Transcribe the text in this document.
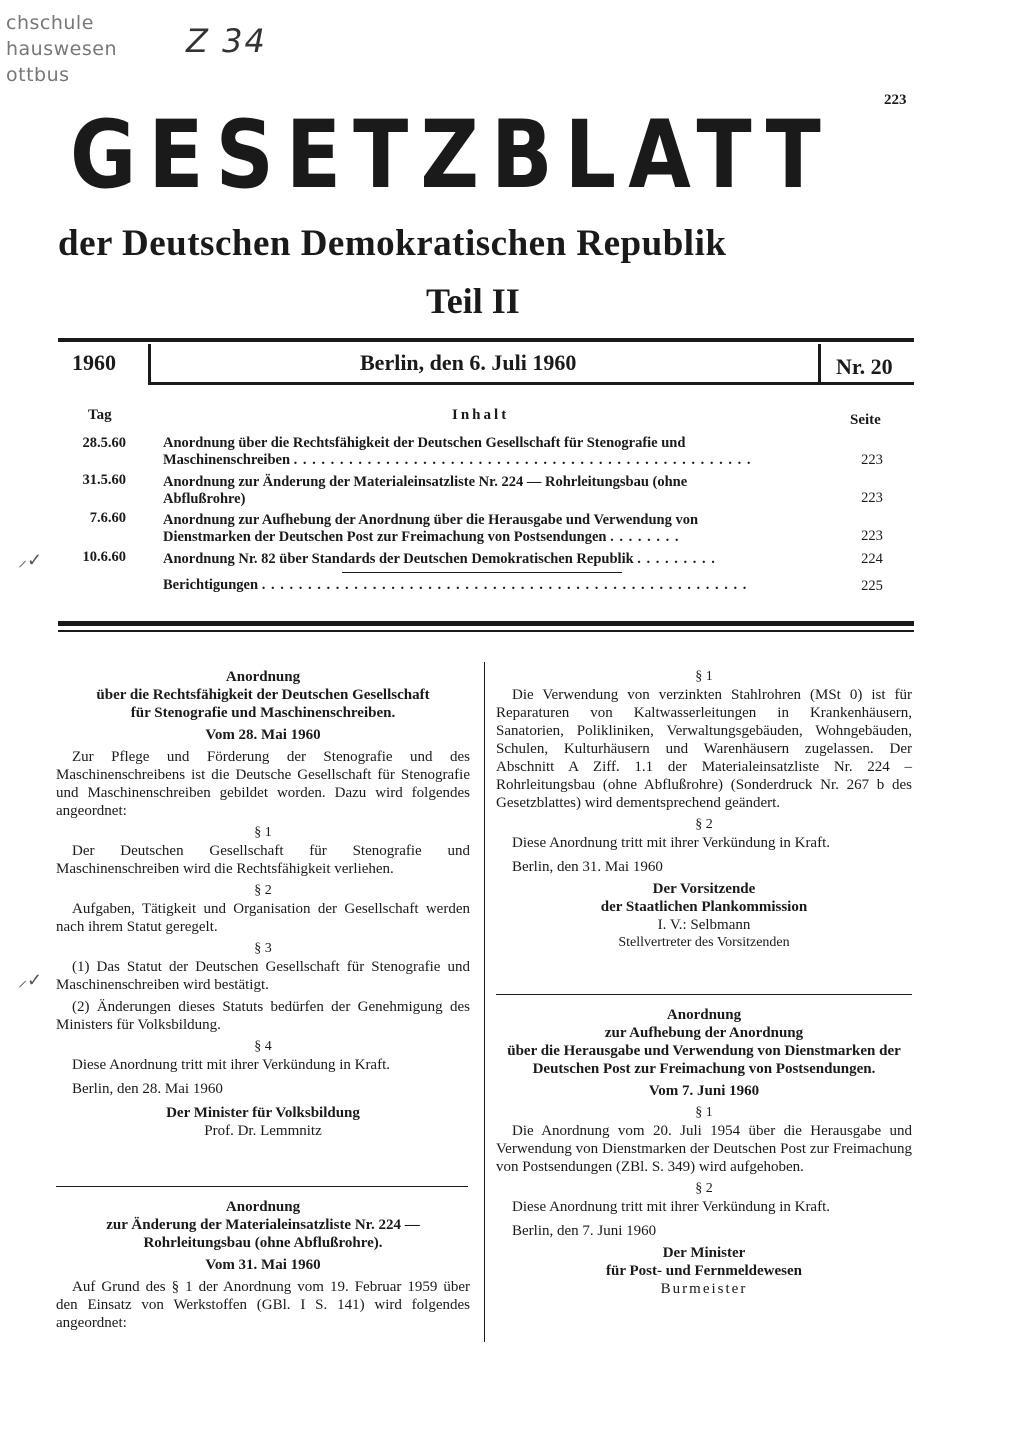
chschule
hauswesen
ottbus
Z 34
223
GESETZBLATT
der Deutschen Demokratischen Republik
Teil II
1960	Berlin, den 6. Juli 1960	Nr. 20
Tag	Inhalt	Seite
28.5.60	Anordnung über die Rechtsfähigkeit der Deutschen Gesellschaft für Stenografie und
Maschinenschreiben . . . . . . . . . . . . . . . . . . . . . . . . . . . . . . . . . . . . . . . . . . . . . . . . . .	223
31.5.60	Anordnung zur Änderung der Materialeinsatzliste Nr. 224 — Rohrleitungsbau (ohne
Abflußrohre)	223
7.6.60	Anordnung zur Aufhebung der Anordnung über die Herausgabe und Verwendung von
Dienstmarken der Deutschen Post zur Freimachung von Postsendungen . . . . . . . .	223
⸝✓	10.6.60	Anordnung Nr. 82 über Standards der Deutschen Demokratischen Republik . . . . . . . . .	224
Berichtigungen . . . . . . . . . . . . . . . . . . . . . . . . . . . . . . . . . . . . . . . . . . . . . . . . . . . . .	225
Anordnung
über die Rechtsfähigkeit der Deutschen Gesellschaft
für Stenografie und Maschinenschreiben.
Vom 28. Mai 1960
Zur Pflege und Förderung der Stenografie und des Maschinenschreibens ist die Deutsche Gesellschaft für Stenografie und Maschinenschreiben gebildet worden. Dazu wird folgendes angeordnet:
§ 1
Der Deutschen Gesellschaft für Stenografie und Maschinenschreiben wird die Rechtsfähigkeit verliehen.
§ 2
Aufgaben, Tätigkeit und Organisation der Gesellschaft werden nach ihrem Statut geregelt.
§ 3
(1) Das Statut der Deutschen Gesellschaft für Stenografie und Maschinenschreiben wird bestätigt.
(2) Änderungen dieses Statuts bedürfen der Genehmigung des Ministers für Volksbildung.
§ 4
Diese Anordnung tritt mit ihrer Verkündung in Kraft.
Berlin, den 28. Mai 1960
Der Minister für Volksbildung
Prof. Dr. Lemmnitz
⸝✓
Anordnung
zur Änderung der Materialeinsatzliste Nr. 224 —
Rohrleitungsbau (ohne Abflußrohre).
Vom 31. Mai 1960
Auf Grund des § 1 der Anordnung vom 19. Februar 1959 über den Einsatz von Werkstoffen (GBl. I S. 141) wird folgendes angeordnet:
§ 1
Die Verwendung von verzinkten Stahlrohren (MSt 0) ist für Reparaturen von Kaltwasserleitungen in Krankenhäusern, Sanatorien, Polikliniken, Verwaltungsgebäuden, Wohngebäuden, Schulen, Kulturhäusern und Warenhäusern zugelassen. Der Abschnitt A Ziff. 1.1 der Materialeinsatzliste Nr. 224 – Rohrleitungsbau (ohne Abflußrohre) (Sonderdruck Nr. 267 b des Gesetzblattes) wird dementsprechend geändert.
§ 2
Diese Anordnung tritt mit ihrer Verkündung in Kraft.
Berlin, den 31. Mai 1960
Der Vorsitzende
der Staatlichen Plankommission
I. V.: Selbmann
Stellvertreter des Vorsitzenden
Anordnung
zur Aufhebung der Anordnung
über die Herausgabe und Verwendung von Dienstmarken der Deutschen Post zur Freimachung von Postsendungen.
Vom 7. Juni 1960
§ 1
Die Anordnung vom 20. Juli 1954 über die Herausgabe und Verwendung von Dienstmarken der Deutschen Post zur Freimachung von Postsendungen (ZBl. S. 349) wird aufgehoben.
§ 2
Diese Anordnung tritt mit ihrer Verkündung in Kraft.
Berlin, den 7. Juni 1960
Der Minister
für Post- und Fernmeldewesen
Burmeister
